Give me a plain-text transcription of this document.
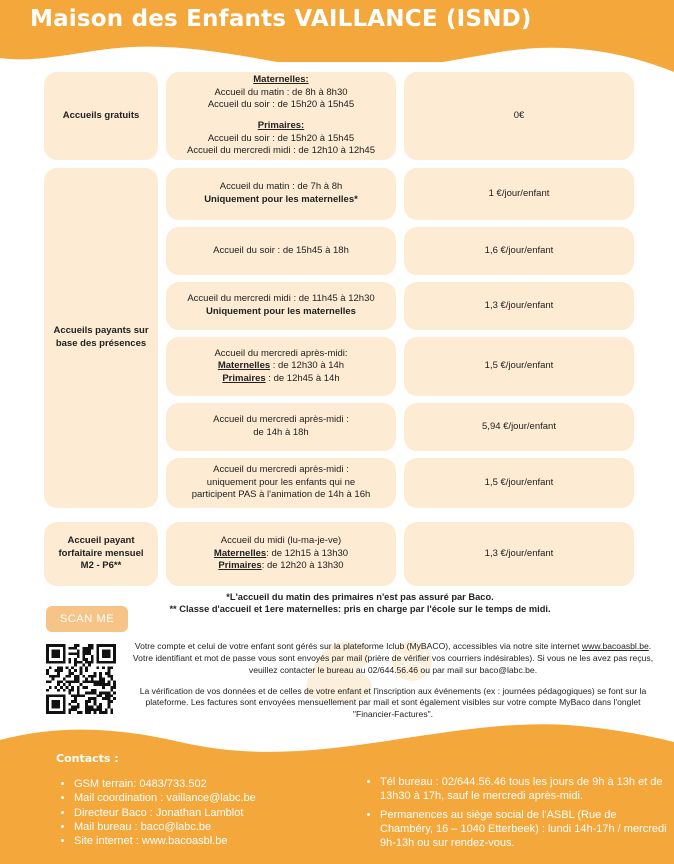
Maison des Enfants VAILLANCE (ISND)
Accueils gratuits
Maternelles:
Accueil du matin : de 8h à 8h30
Accueil du soir : de 15h20 à 15h45
Primaires:
Accueil du soir : de 15h20 à 15h45
Accueil du mercredi midi : de 12h10 à 12h45
0€
Accueils payants sur base des présences
Accueil du matin : de 7h à 8h
Uniquement pour les maternelles*
1 €/jour/enfant
Accueil du soir : de 15h45 à 18h	1,6 €/jour/enfant
Accueil du mercredi midi : de 11h45 à 12h30
Uniquement pour les maternelles
1,3 €/jour/enfant
Accueil du mercredi après-midi:
Maternelles : de 12h30 à 14h
Primaires : de 12h45 à 14h
1,5 €/jour/enfant
Accueil du mercredi après-midi :
de 14h à 18h
5,94 €/jour/enfant
Accueil du mercredi après-midi :
uniquement pour les enfants qui ne
participent PAS à l'animation de 14h à 16h
1,5 €/jour/enfant
Accueil payant forfaitaire mensuel M2 - P6**
Accueil du midi (lu-ma-je-ve)
Maternelles: de 12h15 à 13h30
Primaires: de 12h20 à 13h30
1,3 €/jour/enfant
*L'accueil du matin des primaires n'est pas assuré par Baco.
** Classe d'accueil et 1ere maternelles: pris en charge par l'école sur le temps de midi.
SCAN ME

Votre compte et celui de votre enfant sont gérés sur la plateforme Iclub (MyBACO), accessibles via notre site internet www.bacoasbl.be. Votre identifiant et mot de passe vous sont envoyés par mail (prière de vérifier vos courriers indésirables). Si vous ne les avez pas reçus, veuillez contacter le bureau au 02/644.56.46 ou par mail sur baco@labc.be.

La vérification de vos données et de celles de votre enfant et l'inscription aux événements (ex : journées pédagogiques) se font sur la plateforme. Les factures sont envoyées mensuellement par mail et sont également visibles sur votre compte MyBaco dans l'onglet "Financier-Factures".

Contacts :
• GSM terrain: 0483/733.502
• Mail coordination : vaillance@labc.be
• Directeur Baco : Jonathan Lamblot
• Mail bureau : baco@labc.be
• Site internet : www.bacoasbl.be
• Tél bureau : 02/644.56.46 tous les jours de 9h à 13h et de 13h30 à 17h, sauf le mercredi après-midi.
• Permanences au siège social de l'ASBL (Rue de Chambéry, 16 – 1040 Etterbeek) : lundi 14h-17h / mercredi 9h-13h ou sur rendez-vous.
